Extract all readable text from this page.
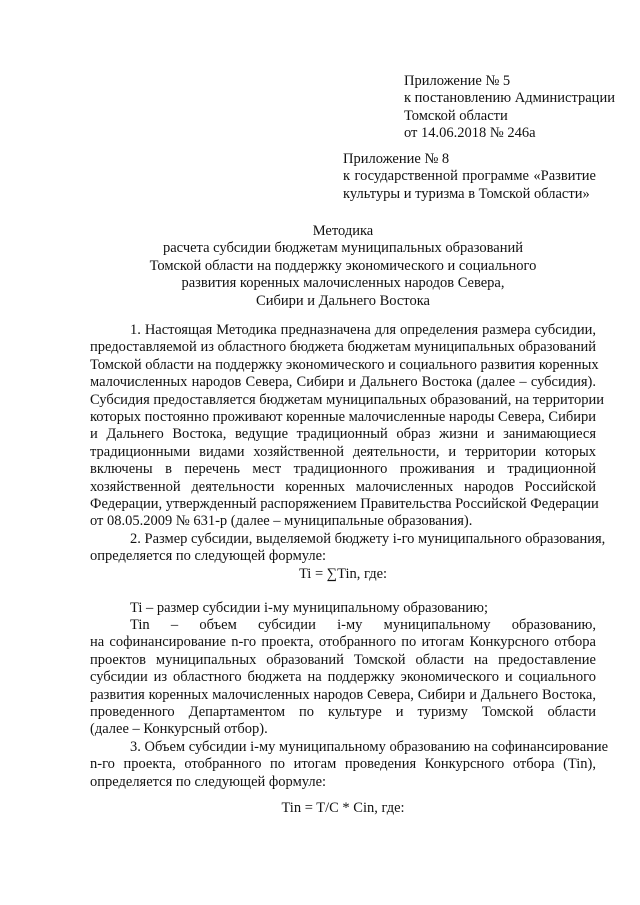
Приложение № 5
к постановлению Администрации
Томской области
от 14.06.2018 № 246а
Приложение № 8
к государственной программе «Развитие
культуры и туризма в Томской области»
Методика
расчета субсидии бюджетам муниципальных образований
Томской области на поддержку экономического и социального
развития коренных малочисленных народов Севера,
Сибири и Дальнего Востока
1. Настоящая Методика предназначена для определения размера субсидии,
предоставляемой из областного бюджета бюджетам муниципальных образований
Томской области на поддержку экономического и социального развития коренных
малочисленных народов Севера, Сибири и Дальнего Востока (далее – субсидия).
Субсидия предоставляется бюджетам муниципальных образований, на территории
которых постоянно проживают коренные малочисленные народы Севера, Сибири
и Дальнего Востока, ведущие традиционный образ жизни и занимающиеся
традиционными видами хозяйственной деятельности, и территории которых
включены в перечень мест традиционного проживания и традиционной
хозяйственной деятельности коренных малочисленных народов Российской
Федерации, утвержденный распоряжением Правительства Российской Федерации
от 08.05.2009 № 631-р (далее – муниципальные образования).
2. Размер субсидии, выделяемой бюджету i-го муниципального образования,
определяется по следующей формуле:
Ti = ∑Tin, где:
Ti – размер субсидии i-му муниципальному образованию;
Tin – объем субсидии i-му муниципальному образованию,
на софинансирование n-го проекта, отобранного по итогам Конкурсного отбора
проектов муниципальных образований Томской области на предоставление
субсидии из областного бюджета на поддержку экономического и социального
развития коренных малочисленных народов Севера, Сибири и Дальнего Востока,
проведенного Департаментом по культуре и туризму Томской области
(далее – Конкурсный отбор).
3. Объем субсидии i-му муниципальному образованию на софинансирование
n-го проекта, отобранного по итогам проведения Конкурсного отбора (Tin),
определяется по следующей формуле:
Tin = T/C * Cin, где:
